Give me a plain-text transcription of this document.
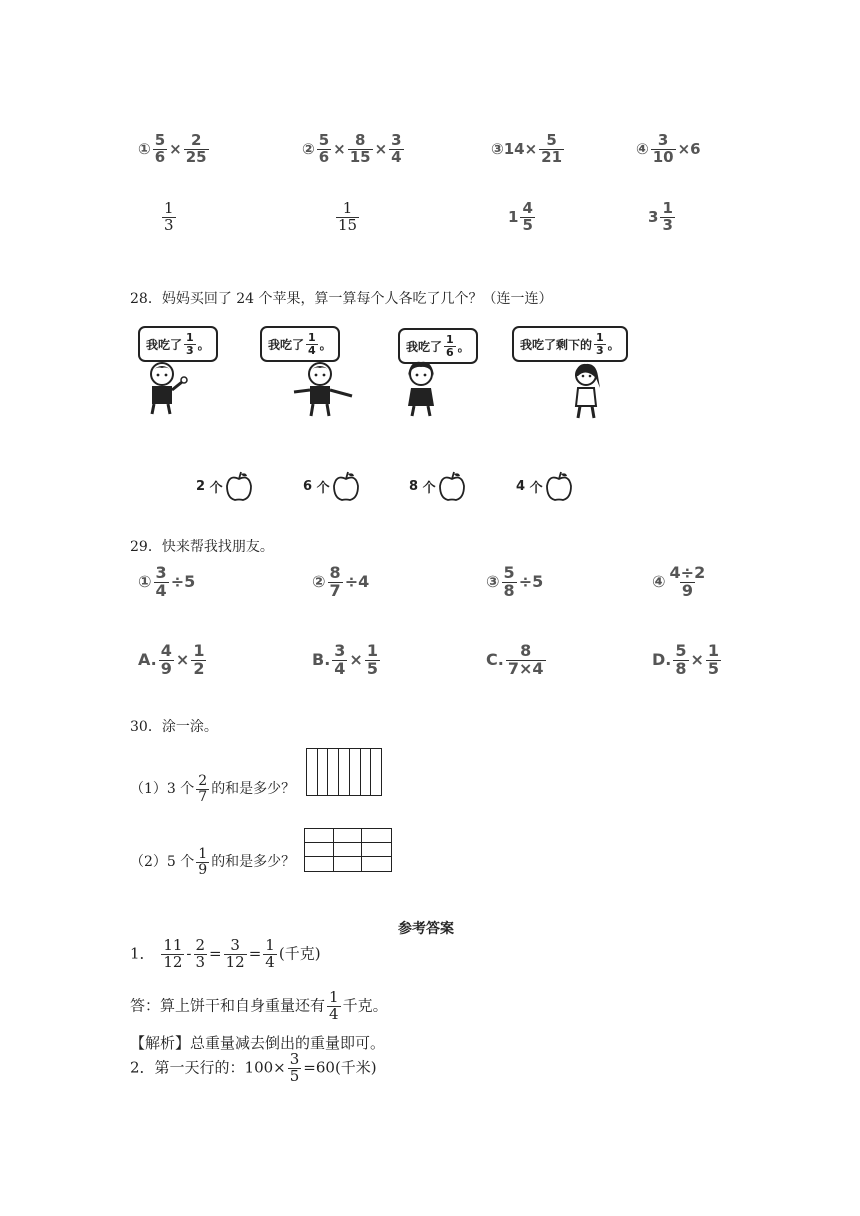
① $\frac{5}{6} \times \frac{2}{25}$	② $\frac{5}{6} \times \frac{8}{15} \times \frac{3}{4}$	③14× $\frac{5}{21}$	④ $\frac{3}{10} \times 6$
$\frac{1}{3}$	$\frac{1}{15}$	$1 \frac{4}{5}$	$3 \frac{1}{3}$
28．妈妈买回了 24 个苹果，算一算每个人各吃了几个？（连一连）
我吃了 $\frac{1}{3}$ 。	我吃了 $\frac{1}{4}$ 。	我吃了 $\frac{1}{6}$ 。	我吃了剩下的 $\frac{1}{3}$ 。
2
个	6
个	8
个	4
个
29．快来帮我找朋友。
① $\frac{3}{4} \div 5$	② $\frac{8}{7} \div 4$	③ $\frac{5}{8} \div 5$	④ $\frac{4\div 2}{9}$
A. $\frac{4}{9} \times \frac{1}{2}$	B. $\frac{3}{4} \times \frac{1}{5}$	C. $\frac{8}{7\times 4}$	D. $\frac{5}{8} \times \frac{1}{5}$
30．涂一涂。
（1）3 个 $\frac{2}{7}$ 的和是多少？
（2）5 个 $\frac{1}{9}$ 的和是多少？
参考答案
1． $\frac{11}{12} - \frac{2}{3} = \frac{3}{12} = \frac{1}{4}$ (千克)
答：算上饼干和自身重量还有 $\frac{1}{4}$ 千克。
【解析】总重量减去倒出的重量即可。
2．第一天行的：$100\times \frac{3}{5} =60$(千米)
